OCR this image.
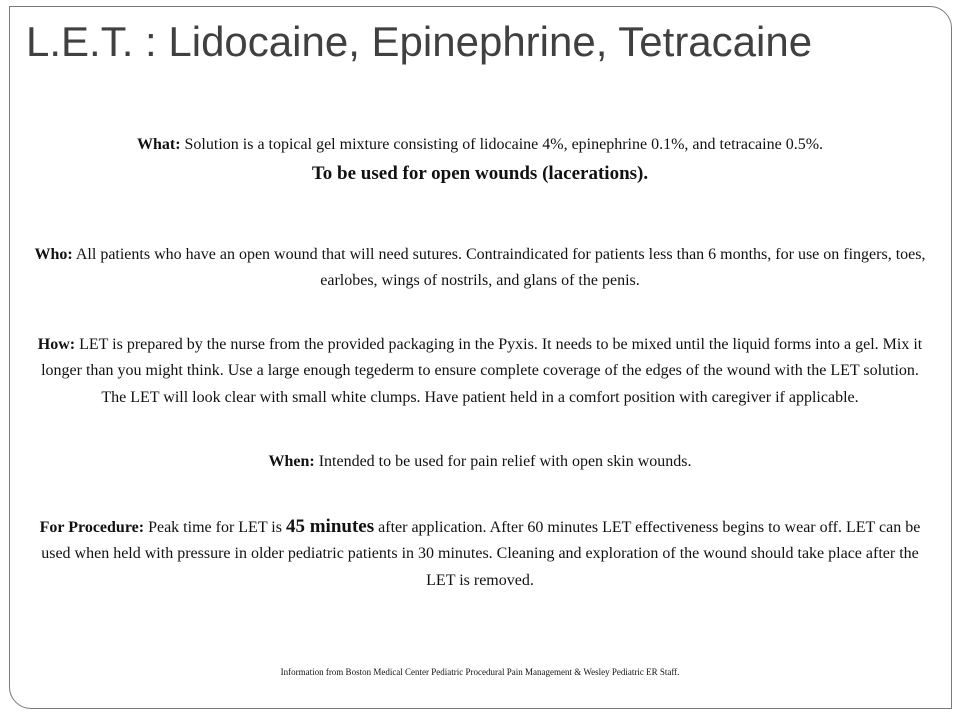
L.E.T. : Lidocaine, Epinephrine, Tetracaine

What: Solution is a topical gel mixture consisting of lidocaine 4%, epinephrine 0.1%, and tetracaine 0.5%.

To be used for open wounds (lacerations).

Who: All patients who have an open wound that will need sutures. Contraindicated for patients less than 6 months, for use on fingers, toes, earlobes, wings of nostrils, and glans of the penis.

How: LET is prepared by the nurse from the provided packaging in the Pyxis. It needs to be mixed until the liquid forms into a gel. Mix it longer than you might think. Use a large enough tegederm to ensure complete coverage of the edges of the wound with the LET solution. The LET will look clear with small white clumps. Have patient held in a comfort position with caregiver if applicable.

When: Intended to be used for pain relief with open skin wounds.

For Procedure: Peak time for LET is 45 minutes after application. After 60 minutes LET effectiveness begins to wear off. LET can be used when held with pressure in older pediatric patients in 30 minutes. Cleaning and exploration of the wound should take place after the LET is removed.

Information from Boston Medical Center Pediatric Procedural Pain Management & Wesley Pediatric ER Staff.
